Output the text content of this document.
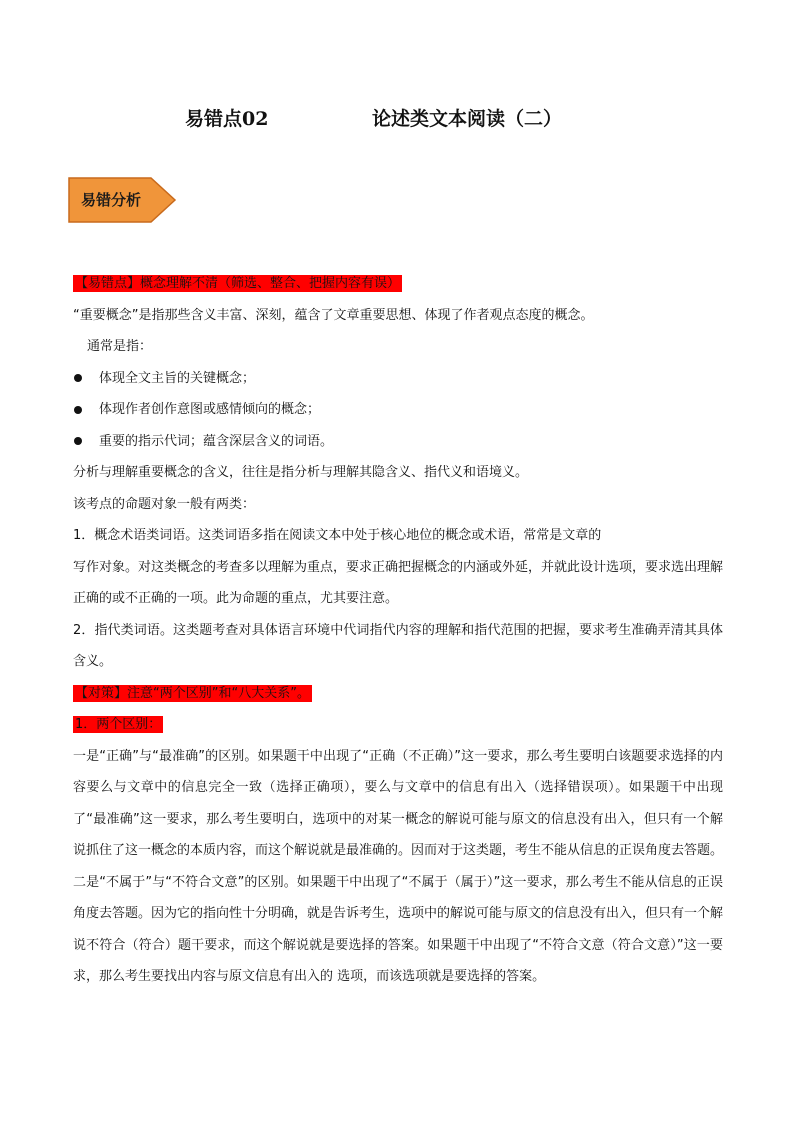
易错点02	论述类文本阅读（二）
易错分析
【易错点】概念理解不清（筛选、整合、把握内容有误）
“重要概念”是指那些含义丰富、深刻，蕴含了文章重要思想、体现了作者观点态度的概念。
通常是指：
体现全文主旨的关键概念；
体现作者创作意图或感情倾向的概念；
重要的指示代词；蕴含深层含义的词语。
分析与理解重要概念的含义，往往是指分析与理解其隐含义、指代义和语境义。
该考点的命题对象一般有两类：
1．概念术语类词语。这类词语多指在阅读文本中处于核心地位的概念或术语，常常是文章的
写作对象。对这类概念的考查多以理解为重点，要求正确把握概念的内涵或外延，并就此设计选项，要求选出理解正确的或不正确的一项。此为命题的重点，尤其要注意。
2．指代类词语。这类题考查对具体语言环境中代词指代内容的理解和指代范围的把握，要求考生准确弄清其具体含义。
【对策】注意“两个区别”和“八大关系”。
1．两个区别：
一是“正确”与“最准确”的区别。如果题干中出现了“正确（不正确）”这一要求，那么考生要明白该题要求选择的内容要么与文章中的信息完全一致（选择正确项），要么与文章中的信息有出入（选择错误项）。如果题干中出现了“最准确”这一要求，那么考生要明白，选项中的对某一概念的解说可能与原文的信息没有出入，但只有一个解说抓住了这一概念的本质内容，而这个解说就是最准确的。因而对于这类题，考生不能从信息的正误角度去答题。二是“不属于”与“不符合文意”的区别。如果题干中出现了“不属于（属于）”这一要求，那么考生不能从信息的正误角度去答题。因为它的指向性十分明确，就是告诉考生，选项中的解说可能与原文的信息没有出入，但只有一个解说不符合（符合）题干要求，而这个解说就是要选择的答案。如果题干中出现了“不符合文意（符合文意）”这一要求，那么考生要找出内容与原文信息有出入的 选项，而该选项就是要选择的答案。
